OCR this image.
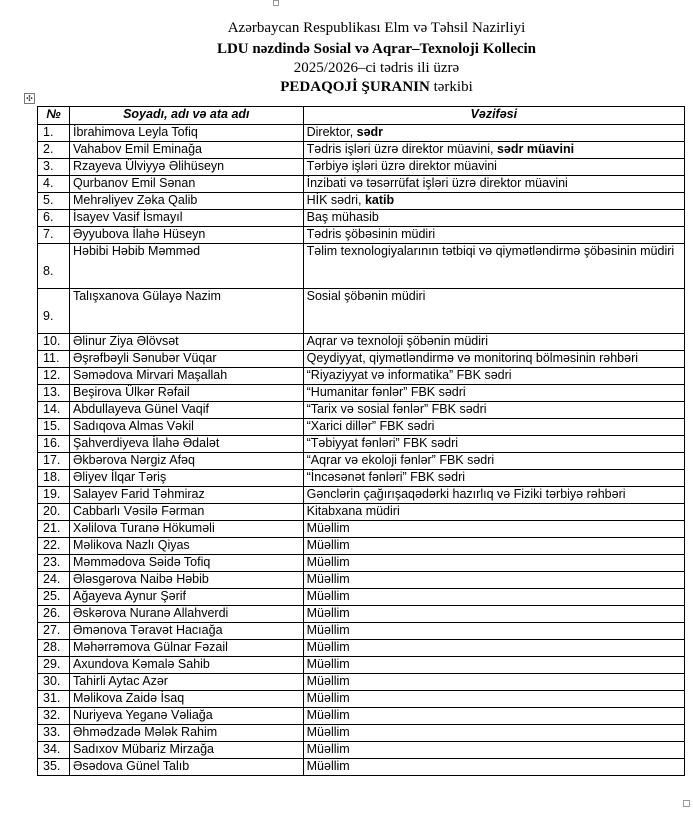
Azərbaycan Respublikası Elm və Təhsil Nazirliyi
LDU nəzdində Sosial və Aqrar–Texnoloji Kollecin
2025/2026–ci tədris ili üzrə
PEDAQOJİ ŞURANIN tərkibi
✣
№	Soyadı, adı və ata adı	Vəzifəsi
1.	İbrahimova Leyla Tofiq	Direktor, sədr
2.	Vahabov Emil Eminağa	Tədris işləri üzrə direktor müavini, sədr müavini
3.	Rzayeva Ülviyyə Əlihüseyn	Tərbiyə işləri üzrə direktor müavini
4.	Qurbanov Emil Sənan	İnzibati və təsərrüfat işləri üzrə direktor müavini
5.	Mehrəliyev Zəka Qalib	HİK sədri, katib
6.	İsayev Vasif İsmayıl	Baş mühasib
7.	Əyyubova İlahə Hüseyn	Tədris şöbəsinin müdiri
8.	Həbibi Həbib Məmməd	Təlim texnologiyalarının tətbiqi və qiymətləndirmə şöbəsinin müdiri
9.	Talışxanova Gülayə Nazim	Sosial şöbənin müdiri
10.	Əlinur Ziya Əlövsət	Aqrar və texnoloji şöbənin müdiri
11.	Əşrəfbəyli Sənubər Vüqar	Qeydiyyat, qiymətləndirmə və monitorinq bölməsinin rəhbəri
12.	Səmədova Mirvari Maşallah	“Riyaziyyat və informatika” FBK sədri
13.	Beşirova Ülkər Rəfail	“Humanitar fənlər” FBK sədri
14.	Abdullayeva Günel Vaqif	“Tarix və sosial fənlər” FBK sədri
15.	Sadıqova Almas Vəkil	“Xarici dillər” FBK sədri
16.	Şahverdiyeva İlahə Ədalət	“Təbiyyat fənləri” FBK sədri
17.	Əkbərova Nərgiz Afəq	“Aqrar və ekoloji fənlər” FBK sədri
18.	Əliyev İlqar Təriş	“İncəsənət fənləri” FBK sədri
19.	Salayev Farid Təhmiraz	Gənclərin çağırışaqədərki hazırlıq və Fiziki tərbiyə rəhbəri
20.	Cabbarlı Vəsilə Fərman	Kitabxana müdiri
21.	Xəlilova Turanə Hökuməli	Müəllim
22.	Məlikova Nazlı Qiyas	Müəllim
23.	Məmmədova Səidə Tofiq	Müəllim
24.	Ələsgərova Naibə Həbib	Müəllim
25.	Ağayeva Aynur Şərif	Müəllim
26.	Əskərova Nuranə Allahverdi	Müəllim
27.	Əmənova Təravət Hacıağa	Müəllim
28.	Məhərrəmova Gülnar Fəzail	Müəllim
29.	Axundova Kəmalə Sahib	Müəllim
30.	Tahirli Aytac Azər	Müəllim
31.	Məlikova Zaidə İsaq	Müəllim
32.	Nuriyeva Yeganə Vəliağa	Müəllim
33.	Əhmədzadə Mələk Rahim	Müəllim
34.	Sadıxov Mübariz Mirzağa	Müəllim
35.	Əsədova Günel Talıb	Müəllim
